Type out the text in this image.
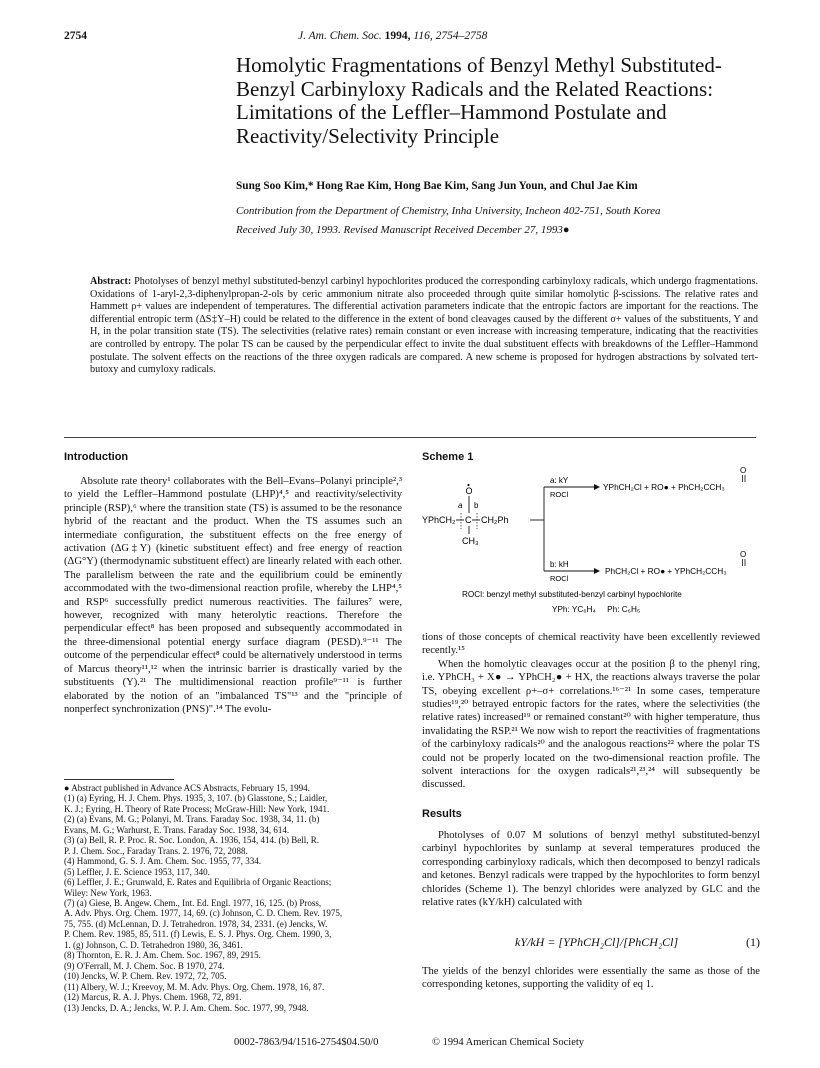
2754	J. Am. Chem. Soc. 1994, 116, 2754–2758
Homolytic Fragmentations of Benzyl Methyl Substituted-Benzyl Carbinyloxy Radicals and the Related Reactions: Limitations of the Leffler–Hammond Postulate and Reactivity/Selectivity Principle
Sung Soo Kim,* Hong Rae Kim, Hong Bae Kim, Sang Jun Youn, and Chul Jae Kim
Contribution from the Department of Chemistry, Inha University, Incheon 402-751, South Korea
Received July 30, 1993. Revised Manuscript Received December 27, 1993●
Abstract: Photolyses of benzyl methyl substituted-benzyl carbinyl hypochlorites produced the corresponding carbinyloxy radicals, which undergo fragmentations. Oxidations of 1-aryl-2,3-diphenylpropan-2-ols by ceric ammonium nitrate also proceeded through quite similar homolytic β-scissions. The relative rates and Hammett ρ+ values are independent of temperatures. The differential activation parameters indicate that the entropic factors are important for the reactions. The differential entropic term (ΔS‡Y–H) could be related to the difference in the extent of bond cleavages caused by the different σ+ values of the substituents, Y and H, in the polar transition state (TS). The selectivities (relative rates) remain constant or even increase with increasing temperature, indicating that the reactivities are controlled by entropy. The polar TS can be caused by the perpendicular effect to invite the dual substituent effects with breakdowns of the Leffler–Hammond postulate. The solvent effects on the reactions of the three oxygen radicals are compared. A new scheme is proposed for hydrogen abstractions by solvated tert-butoxy and cumyloxy radicals.
Introduction

Absolute rate theory¹ collaborates with the Bell–Evans–Polanyi principle²,³ to yield the Leffler–Hammond postulate (LHP)⁴,⁵ and reactivity/selectivity principle (RSP),⁶ where the transition state (TS) is assumed to be the resonance hybrid of the reactant and the product. When the TS assumes such an intermediate configuration, the substituent effects on the free energy of activation (ΔG‡Y) (kinetic substituent effect) and free energy of reaction (ΔG°Y) (thermodynamic substituent effect) are linearly related with each other. The parallelism between the rate and the equilibrium could be eminently accommodated with the two-dimensional reaction profile, whereby the LHP⁴,⁵ and RSP⁶ successfully predict numerous reactivities. The failures⁷ were, however, recognized with many heterolytic reactions. Therefore the perpendicular effect⁸ has been proposed and subsequently accommodated in the three-dimensional potential energy surface diagram (PESD).⁹⁻¹¹ The outcome of the perpendicular effect⁸ could be alternatively understood in terms of Marcus theory¹¹,¹² when the intrinsic barrier is drastically varied by the substituents (Y).²¹ The multidimensional reaction profile⁹⁻¹¹ is further elaborated by the notion of an "imbalanced TS"¹³ and the "principle of nonperfect synchronization (PNS)".¹⁴ The evolu-

● Abstract published in Advance ACS Abstracts, February 15, 1994.
(1) (a) Eyring, H. J. Chem. Phys. 1935, 3, 107. (b) Glasstone, S.; Laidler,
K. J.; Eyring, H. Theory of Rate Process; McGraw-Hill: New York, 1941.
(2) (a) Evans, M. G.; Polanyi, M. Trans. Faraday Soc. 1938, 34, 11. (b)
Evans, M. G.; Warhurst, E. Trans. Faraday Soc. 1938, 34, 614.
(3) (a) Bell, R. P. Proc. R. Soc. London, A. 1936, 154, 414. (b) Bell, R.
P. J. Chem. Soc., Faraday Trans. 2. 1976, 72, 2088.
(4) Hammond, G. S. J. Am. Chem. Soc. 1955, 77, 334.
(5) Leffler, J. E. Science 1953, 117, 340.
(6) Leffler, J. E.; Grunwald, E. Rates and Equilibria of Organic Reactions;
Wiley: New York, 1963.
(7) (a) Giese, B. Angew. Chem., Int. Ed. Engl. 1977, 16, 125. (b) Pross,
A. Adv. Phys. Org. Chem. 1977, 14, 69. (c) Johnson, C. D. Chem. Rev. 1975,
75, 755. (d) McLennan, D. J. Tetrahedron. 1978, 34, 2331. (e) Jencks, W.
P. Chem. Rev. 1985, 85, 511. (f) Lewis, E. S. J. Phys. Org. Chem. 1990, 3,
1. (g) Johnson, C. D. Tetrahedron 1980, 36, 3461.
(8) Thornton, E. R. J. Am. Chem. Soc. 1967, 89, 2915.
(9) O'Ferrall, M. J. Chem. Soc. B 1970, 274.
(10) Jencks, W. P. Chem. Rev. 1972, 72, 705.
(11) Albery, W. J.; Kreevoy, M. M. Adv. Phys. Org. Chem. 1978, 16, 87.
(12) Marcus, R. A. J. Phys. Chem. 1968, 72, 891.
(13) Jencks, D. A.; Jencks, W. P. J. Am. Chem. Soc. 1977, 99, 7948.
Scheme 1
YPhCH₂ C CH₂Ph
O
CH₃
a b
a: kY
ROCl
b: kH
ROCl
YPhCH₂Cl + RO● + PhCH₂CCH₃
O
PhCH₂Cl + RO● + YPhCH₂CCH₃
O
ROCl: benzyl methyl substituted-benzyl carbinyl hypochlorite
YPh: YC₆H₄     Ph: C₆H₅

tions of those concepts of chemical reactivity have been excellently reviewed recently.¹⁵

When the homolytic cleavages occur at the position β to the phenyl ring, i.e. YPhCH₃ + X● → YPhCH₂● + HX, the reactions always traverse the polar TS, obeying excellent ρ+–σ+ correlations.¹⁶⁻²¹ In some cases, temperature studies¹⁹,²⁰ betrayed entropic factors for the rates, where the selectivities (the relative rates) increased¹⁹ or remained constant²⁰ with higher temperature, thus invalidating the RSP.²¹ We now wish to report the reactivities of fragmentations of the carbinyloxy radicals²⁰ and the analogous reactions²² where the polar TS could not be properly located on the two-dimensional reaction profile. The solvent interactions for the oxygen radicals²¹,²³,²⁴ will subsequently be discussed.

Results

Photolyses of 0.07 M solutions of benzyl methyl substituted-benzyl carbinyl hypochlorites by sunlamp at several temperatures produced the corresponding carbinyloxy radicals, which then decomposed to benzyl radicals and ketones. Benzyl radicals were trapped by the hypochlorites to form benzyl chlorides (Scheme 1). The benzyl chlorides were analyzed by GLC and the relative rates (kY/kH) calculated with

kY/kH = [YPhCH₂Cl]/[PhCH₂Cl]	(1)
The yields of the benzyl chlorides were essentially the same as those of the corresponding ketones, supporting the validity of eq 1.
0002-7863/94/1516-2754$04.50/0	© 1994 American Chemical Society
